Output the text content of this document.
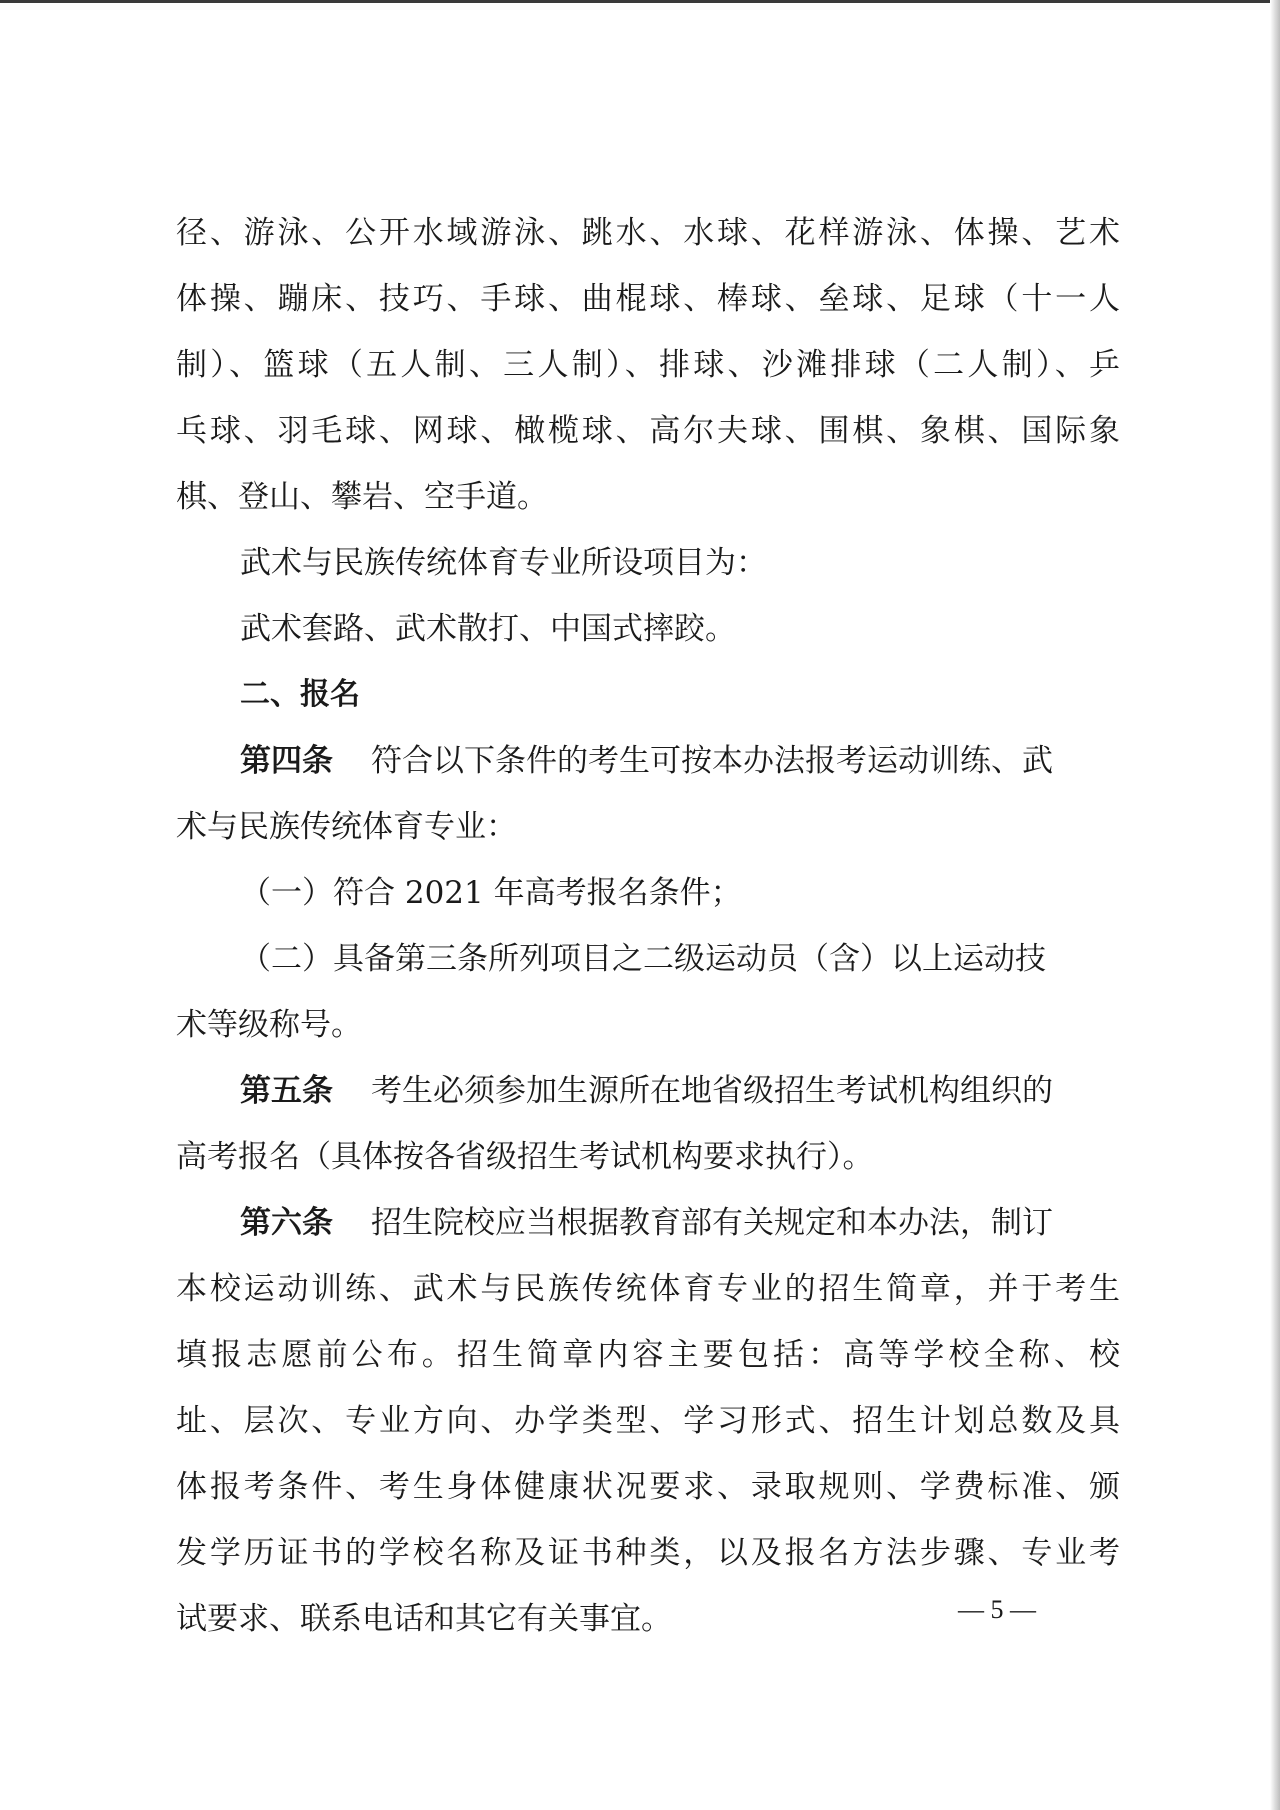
径、游泳、公开水域游泳、跳水、水球、花样游泳、体操、艺术
体操、蹦床、技巧、手球、曲棍球、棒球、垒球、足球（十一人
制）、篮球（五人制、三人制）、排球、沙滩排球（二人制）、乒
乓球、羽毛球、网球、橄榄球、高尔夫球、围棋、象棋、国际象
棋、登山、攀岩、空手道。
武术与民族传统体育专业所设项目为：
武术套路、武术散打、中国式摔跤。
二、报名
第四条 符合以下条件的考生可按本办法报考运动训练、武
术与民族传统体育专业：
（一）符合 2021 年高考报名条件；
（二）具备第三条所列项目之二级运动员（含）以上运动技
术等级称号。
第五条 考生必须参加生源所在地省级招生考试机构组织的
高考报名（具体按各省级招生考试机构要求执行）。
第六条 招生院校应当根据教育部有关规定和本办法，制订
本校运动训练、武术与民族传统体育专业的招生简章，并于考生
填报志愿前公布。招生简章内容主要包括：高等学校全称、校
址、层次、专业方向、办学类型、学习形式、招生计划总数及具
体报考条件、考生身体健康状况要求、录取规则、学费标准、颁
发学历证书的学校名称及证书种类，以及报名方法步骤、专业考
试要求、联系电话和其它有关事宜。	— 5 —
